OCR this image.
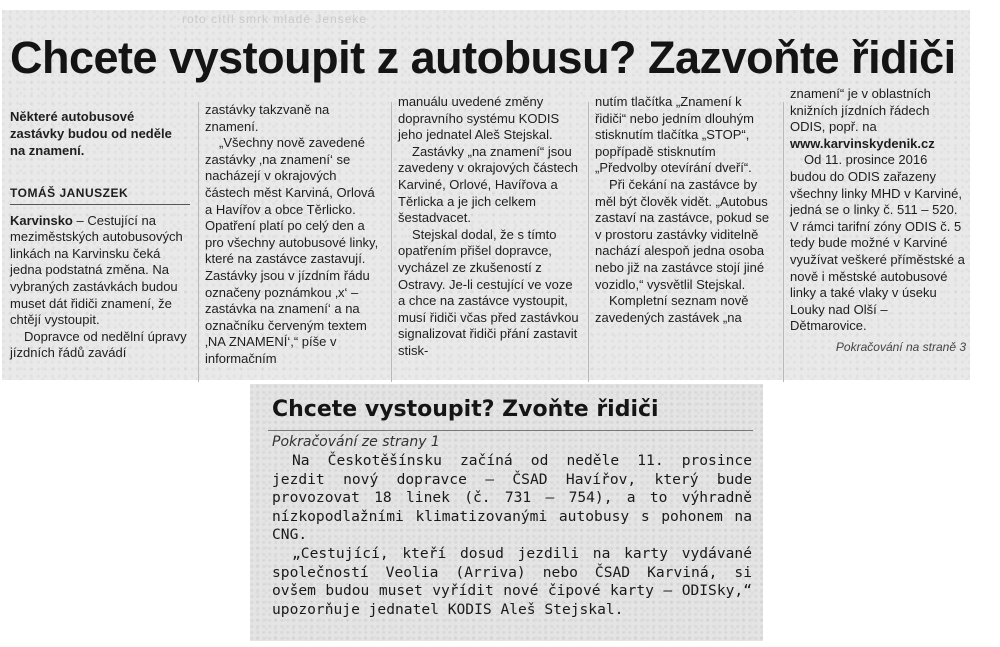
roto cítíl smrk mladé Jenseke
Chcete vystoupit z autobusu? Zazvoňte řidiči
Některé autobusové zastávky budou od neděle na znamení.
TOMÁŠ JANUSZEK

Karvinsko – Cestující na meziměstských autobusových linkách na Karvinsku čeká jedna podstatná změna. Na vybraných zastávkách budou muset dát řidiči znamení, že chtějí vystoupit.

Dopravce od nedělní úpravy jízdních řádů zavádí

zastávky takzvaně na znamení.

„Všechny nově zavedené zastávky ‚na znamení‘ se nacházejí v okrajových částech měst Karviná, Orlová a Havířov a obce Těrlicko. Opatření platí po celý den a pro všechny autobusové linky, které na zastávce zastavují. Zastávky jsou v jízdním řádu označeny poznámkou ‚x‘ – zastávka na znamení‘ a na označníku červeným textem ‚NA ZNAMENÍ‘,“ píše v informačním

manuálu uvedené změny dopravního systému KODIS jeho jednatel Aleš Stejskal.

Zastávky „na znamení“ jsou zavedeny v okrajových částech Karviné, Orlové, Havířova a Těrlicka a je jich celkem šestadvacet.

Stejskal dodal, že s tímto opatřením přišel dopravce, vycházel ze zkušeností z Ostravy. Je-li cestující ve voze a chce na zastávce vystoupit, musí řidiči včas před zastávkou signalizovat řidiči přání zastavit stisk-

nutím tlačítka „Znamení k řidiči“ nebo jedním dlouhým stisknutím tlačítka „STOP“, popřípadě stisknutím „Předvolby otevírání dveří“.

Při čekání na zastávce by měl být člověk vidět. „Autobus zastaví na zastávce, pokud se v prostoru zastávky viditelně nachází alespoň jedna osoba nebo již na zastávce stojí jiné vozidlo,“ vysvětlil Stejskal.

Kompletní seznam nově zavedených zastávek „na

znamení“ je v oblastních knižních jízdních řádech ODIS, popř. na www.karvinskydenik.cz

Od 11. prosince 2016 budou do ODIS zařazeny všechny linky MHD v Karviné, jedná se o linky č. 511 – 520. V rámci tarifní zóny ODIS č. 5 tedy bude možné v Karviné využívat veškeré příměstské a nově i městské autobusové linky a také vlaky v úseku Louky nad Olší – Dětmarovice.

Pokračování na straně 3
Chcete vystoupit? Zvoňte řidiči
Pokračování ze strany 1

Na Českotěšínsku začíná od neděle 11. prosince jezdit nový dopravce – ČSAD Havířov, který bude provozovat 18 linek (č. 731 – 754), a to výhradně nízkopodlažními klimatizovanými autobusy s pohonem na CNG.

„Cestující, kteří dosud jezdili na karty vydávané společností Veolia (Arriva) nebo ČSAD Karviná, si ovšem budou muset vyřídit nové čipové karty – ODISky,“ upozorňuje jednatel KODIS Aleš Stejskal.
